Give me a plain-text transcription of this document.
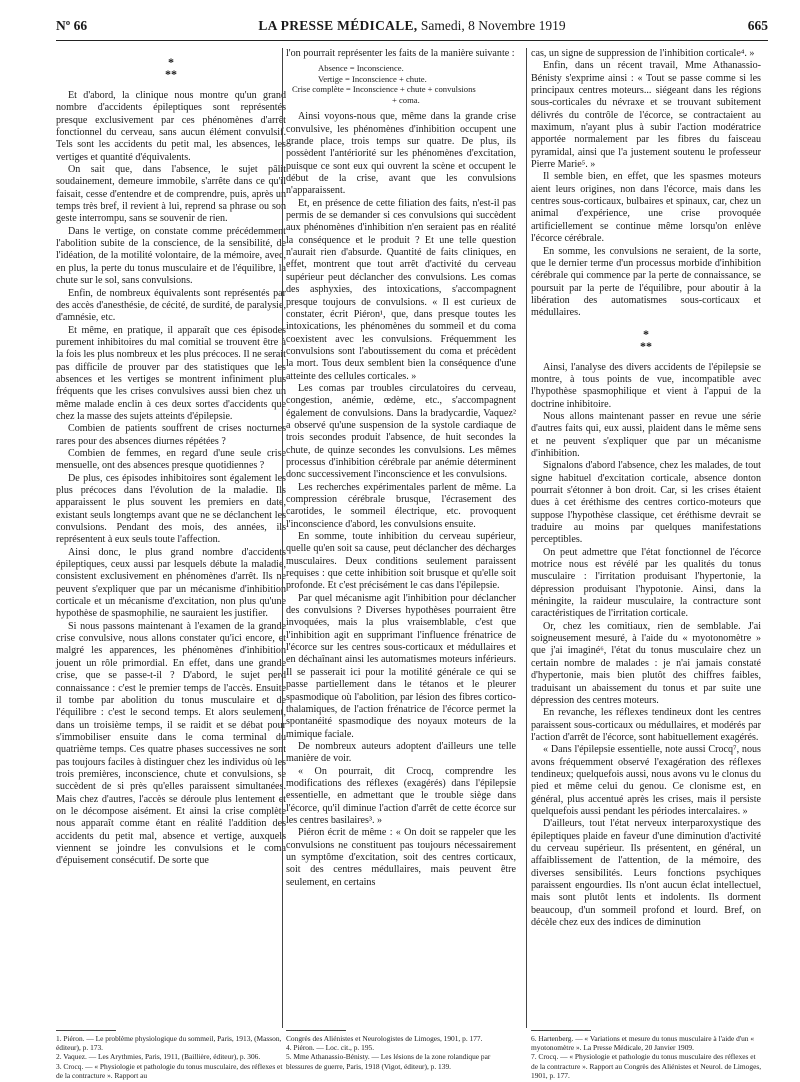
Nº 66	LA PRESSE MÉDICALE, Samedi, 8 Novembre 1919	665
*
**

Et d'abord, la clinique nous montre qu'un grand nombre d'accidents épileptiques sont représentés presque exclusivement par ces phénomènes d'arrêt fonctionnel du cerveau, sans aucun élément convulsif. Tels sont les accidents du petit mal, les absences, les vertiges et quantité d'équivalents.

On sait que, dans l'absence, le sujet pâlit soudainement, demeure immobile, s'arrête dans ce qu'il faisait, cesse d'entendre et de comprendre, puis, après un temps très bref, il revient à lui, reprend sa phrase ou son geste interrompu, sans se souvenir de rien.

Dans le vertige, on constate comme précédemment l'abolition subite de la conscience, de la sensibilité, de l'idéation, de la motilité volontaire, de la mémoire, avec, en plus, la perte du tonus musculaire et de l'équilibre, la chute sur le sol, sans convulsions.

Enfin, de nombreux équivalents sont représentés par des accès d'anesthésie, de cécité, de surdité, de paralysie, d'amnésie, etc.

Et même, en pratique, il apparaît que ces épisodes purement inhibitoires du mal comitial se trouvent être à la fois les plus nombreux et les plus précoces. Il ne serait pas difficile de prouver par des statistiques que les absences et les vertiges se montrent infiniment plus fréquents que les crises convulsives aussi bien chez un même malade enclin à ces deux sortes d'accidents que chez la masse des sujets atteints d'épilepsie.

Combien de patients souffrent de crises nocturnes rares pour des absences diurnes répétées ?

Combien de femmes, en regard d'une seule crise mensuelle, ont des absences presque quotidiennes ?

De plus, ces épisodes inhibitoires sont également les plus précoces dans l'évolution de la maladie. Ils apparaissent le plus souvent les premiers en date, existant seuls longtemps avant que ne se déclanchent les convulsions. Pendant des mois, des années, ils représentent à eux seuls toute l'affection.

Ainsi donc, le plus grand nombre d'accidents épileptiques, ceux aussi par lesquels débute la maladie, consistent exclusivement en phénomènes d'arrêt. Ils ne peuvent s'expliquer que par un mécanisme d'inhibition corticale et un mécanisme d'excitation, non plus qu'une hypothèse de spasmophilie, ne sauraient les justifier.

Si nous passons maintenant à l'examen de la grande crise convulsive, nous allons constater qu'ici encore, et malgré les apparences, les phénomènes d'inhibition jouent un rôle primordial. En effet, dans une grande crise, que se passe-t-il ? D'abord, le sujet perd connaissance : c'est le premier temps de l'accès. Ensuite il tombe par abolition du tonus musculaire et de l'équilibre : c'est le second temps. Et alors seulement, dans un troisième temps, il se raidit et se débat pour s'immobiliser ensuite dans le coma terminal du quatrième temps. Ces quatre phases successives ne sont pas toujours faciles à distinguer chez les individus où les trois premières, inconscience, chute et convulsions, se succèdent de si près qu'elles paraissent simultanées. Mais chez d'autres, l'accès se déroule plus lentement et on le décompose aisément. Et ainsi la crise complète nous apparaît comme étant en réalité l'addition des accidents du petit mal, absence et vertige, auxquels viennent se joindre les convulsions et le coma d'épuisement consécutif. De sorte que

l'on pourrait représenter les faits de la manière suivante :

Absence = Inconscience.
Vertige = Inconscience + chute.
Crise complète = Inconscience + chute + convulsions
+ coma.

Ainsi voyons-nous que, même dans la grande crise convulsive, les phénomènes d'inhibition occupent une grande place, trois temps sur quatre. De plus, ils possèdent l'antériorité sur les phénomènes d'excitation, puisque ce sont eux qui ouvrent la scène et occupent le début de la crise, avant que les convulsions n'apparaissent.

Et, en présence de cette filiation des faits, n'est-il pas permis de se demander si ces convulsions qui succèdent aux phénomènes d'inhibition n'en seraient pas en réalité la conséquence et le produit ? Et une telle question n'aurait rien d'absurde. Quantité de faits cliniques, en effet, montrent que tout arrêt d'activité du cerveau supérieur peut déclancher des convulsions. Les comas des asphyxies, des intoxications, s'accompagnent presque toujours de convulsions. « Il est curieux de constater, écrit Piéron¹, que, dans presque toutes les intoxications, les phénomènes du sommeil et du coma coexistent avec les convulsions. Fréquemment les convulsions sont l'aboutissement du coma et précèdent la mort. Tous deux semblent bien la conséquence d'une atteinte des cellules corticales. »

Les comas par troubles circulatoires du cerveau, congestion, anémie, œdème, etc., s'accompagnent également de convulsions. Dans la bradycardie, Vaquez² a observé qu'une suspension de la systole cardiaque de trois secondes produit l'absence, de huit secondes la chute, de quinze secondes les convulsions. Les mêmes processus d'inhibition cérébrale par anémie déterminent donc successivement l'inconscience et les convulsions.

Les recherches expérimentales parlent de même. La compression cérébrale brusque, l'écrasement des carotides, le sommeil électrique, etc. provoquent l'inconscience d'abord, les convulsions ensuite.

En somme, toute inhibition du cerveau supérieur, quelle qu'en soit sa cause, peut déclancher des décharges musculaires. Deux conditions seulement paraissent requises : que cette inhibition soit brusque et qu'elle soit profonde. Et c'est précisément le cas dans l'épilepsie.

Par quel mécanisme agit l'inhibition pour déclancher des convulsions ? Diverses hypothèses pourraient être invoquées, mais la plus vraisemblable, c'est que l'inhibition agit en supprimant l'influence frénatrice de l'écorce sur les centres sous-corticaux et médullaires et en déchaînant ainsi les automatismes moteurs inférieurs. Il se passerait ici pour la motilité générale ce qui se passe partiellement dans le tétanos et le pleurer spasmodique où l'abolition, par lésion des fibres cortico-thalamiques, de l'action frénatrice de l'écorce permet la spontanéité spasmodique des noyaux moteurs de la mimique faciale.

De nombreux auteurs adoptent d'ailleurs une telle manière de voir.

« On pourrait, dit Crocq, comprendre les modifications des réflexes (exagérés) dans l'épilepsie essentielle, en admettant que le trouble siège dans l'écorce, qu'il diminue l'action d'arrêt de cette écorce sur les centres basilaires³. »

Piéron écrit de même : « On doit se rappeler que les convulsions ne constituent pas toujours nécessairement un symptôme d'excitation, soit des centres corticaux, soit des centres médullaires, mais peuvent être seulement, en certains

cas, un signe de suppression de l'inhibition corticale⁴. »

Enfin, dans un récent travail, Mme Athanassio-Bénisty s'exprime ainsi : « Tout se passe comme si les principaux centres moteurs... siégeant dans les régions sous-corticales du névraxe et se trouvant subitement délivrés du contrôle de l'écorce, se contractaient au maximum, n'ayant plus à subir l'action modératrice apportée normalement par les fibres du faisceau pyramidal, ainsi que l'a justement soutenu le professeur Pierre Marie⁵. »

Il semble bien, en effet, que les spasmes moteurs aient leurs origines, non dans l'écorce, mais dans les centres sous-corticaux, bulbaires et spinaux, car, chez un animal d'expérience, une crise provoquée artificiellement se continue même lorsqu'on enlève l'écorce cérébrale.

En somme, les convulsions ne seraient, de la sorte, que le dernier terme d'un processus morbide d'inhibition cérébrale qui commence par la perte de connaissance, se poursuit par la perte de l'équilibre, pour aboutir à la libération des automatismes sous-corticaux et médullaires.

*
**

Ainsi, l'analyse des divers accidents de l'épilepsie se montre, à tous points de vue, incompatible avec l'hypothèse spasmophilique et vient à l'appui de la doctrine inhibitoire.

Nous allons maintenant passer en revue une série d'autres faits qui, eux aussi, plaident dans le même sens et ne peuvent s'expliquer que par un mécanisme d'inhibition.

Signalons d'abord l'absence, chez les malades, de tout signe habituel d'excitation corticale, absence donton pourrait s'étonner à bon droit. Car, si les crises étaient dues à cet éréthisme des centres cortico-moteurs que suppose l'hypothèse classique, cet éréthisme devrait se traduire au moins par quelques manifestations perceptibles.

On peut admettre que l'état fonctionnel de l'écorce motrice nous est révélé par les qualités du tonus musculaire : l'irritation produisant l'hypertonie, la dépression produisant l'hypotonie. Ainsi, dans la méningite, la raideur musculaire, la contracture sont caractéristiques de l'irritation corticale.

Or, chez les comitiaux, rien de semblable. J'ai soigneusement mesuré, à l'aide du « myotonomètre » que j'ai imaginé⁶, l'état du tonus musculaire chez un certain nombre de malades : je n'ai jamais constaté d'hypertonie, mais bien plutôt des chiffres faibles, traduisant un abaissement du tonus et par suite une dépression des centres moteurs.

En revanche, les réflexes tendineux dont les centres paraissent sous-corticaux ou médullaires, et modérés par l'action d'arrêt de l'écorce, sont habituellement exagérés.

« Dans l'épilepsie essentielle, note aussi Crocq⁷, nous avons fréquemment observé l'exagération des réflexes tendineux; quelquefois aussi, nous avons vu le clonus du pied et même celui du genou. Ce clonisme est, en général, plus accentué après les crises, mais il persiste quelquefois aussi pendant les périodes intercalaires. »

D'ailleurs, tout l'état nerveux interparoxystique des épileptiques plaide en faveur d'une diminution d'activité du cerveau supérieur. Ils présentent, en général, un affaiblissement de l'attention, de la mémoire, des diverses sensibilités. Leurs fonctions psychiques paraissent engourdies. Ils n'ont aucun éclat intellectuel, mais sont plutôt lents et indolents. Ils dorment beaucoup, d'un sommeil profond et lourd. Bref, on décèle chez eux des indices de diminution

1. Piéron. — Le problème physiologique du sommeil, Paris, 1913, (Masson, éditeur), p. 173.
2. Vaquez. — Les Arythmies, Paris, 1911, (Baillière, éditeur), p. 306.
3. Crocq. — « Physiologie et pathologie du tonus musculaire, des réflexes et de la contracture ». Rapport au
Congrès des Aliénistes et Neurologistes de Limoges, 1901, p. 177.
4. Piéron. — Loc. cit., p. 195.
5. Mme Athanassio-Bénisty. — Les lésions de la zone rolandique par blessures de guerre, Paris, 1918 (Vigot, éditeur), p. 139.
6. Hartenberg. — « Variations et mesure du tonus musculaire à l'aide d'un « myotonomètre ». La Presse Médicale, 20 Janvier 1909.
7. Crocq. — « Physiologie et pathologie du tonus musculaire des réflexes et de la contracture ». Rapport au Congrès des Aliénistes et Neurol. de Limoges, 1901, p. 177.
